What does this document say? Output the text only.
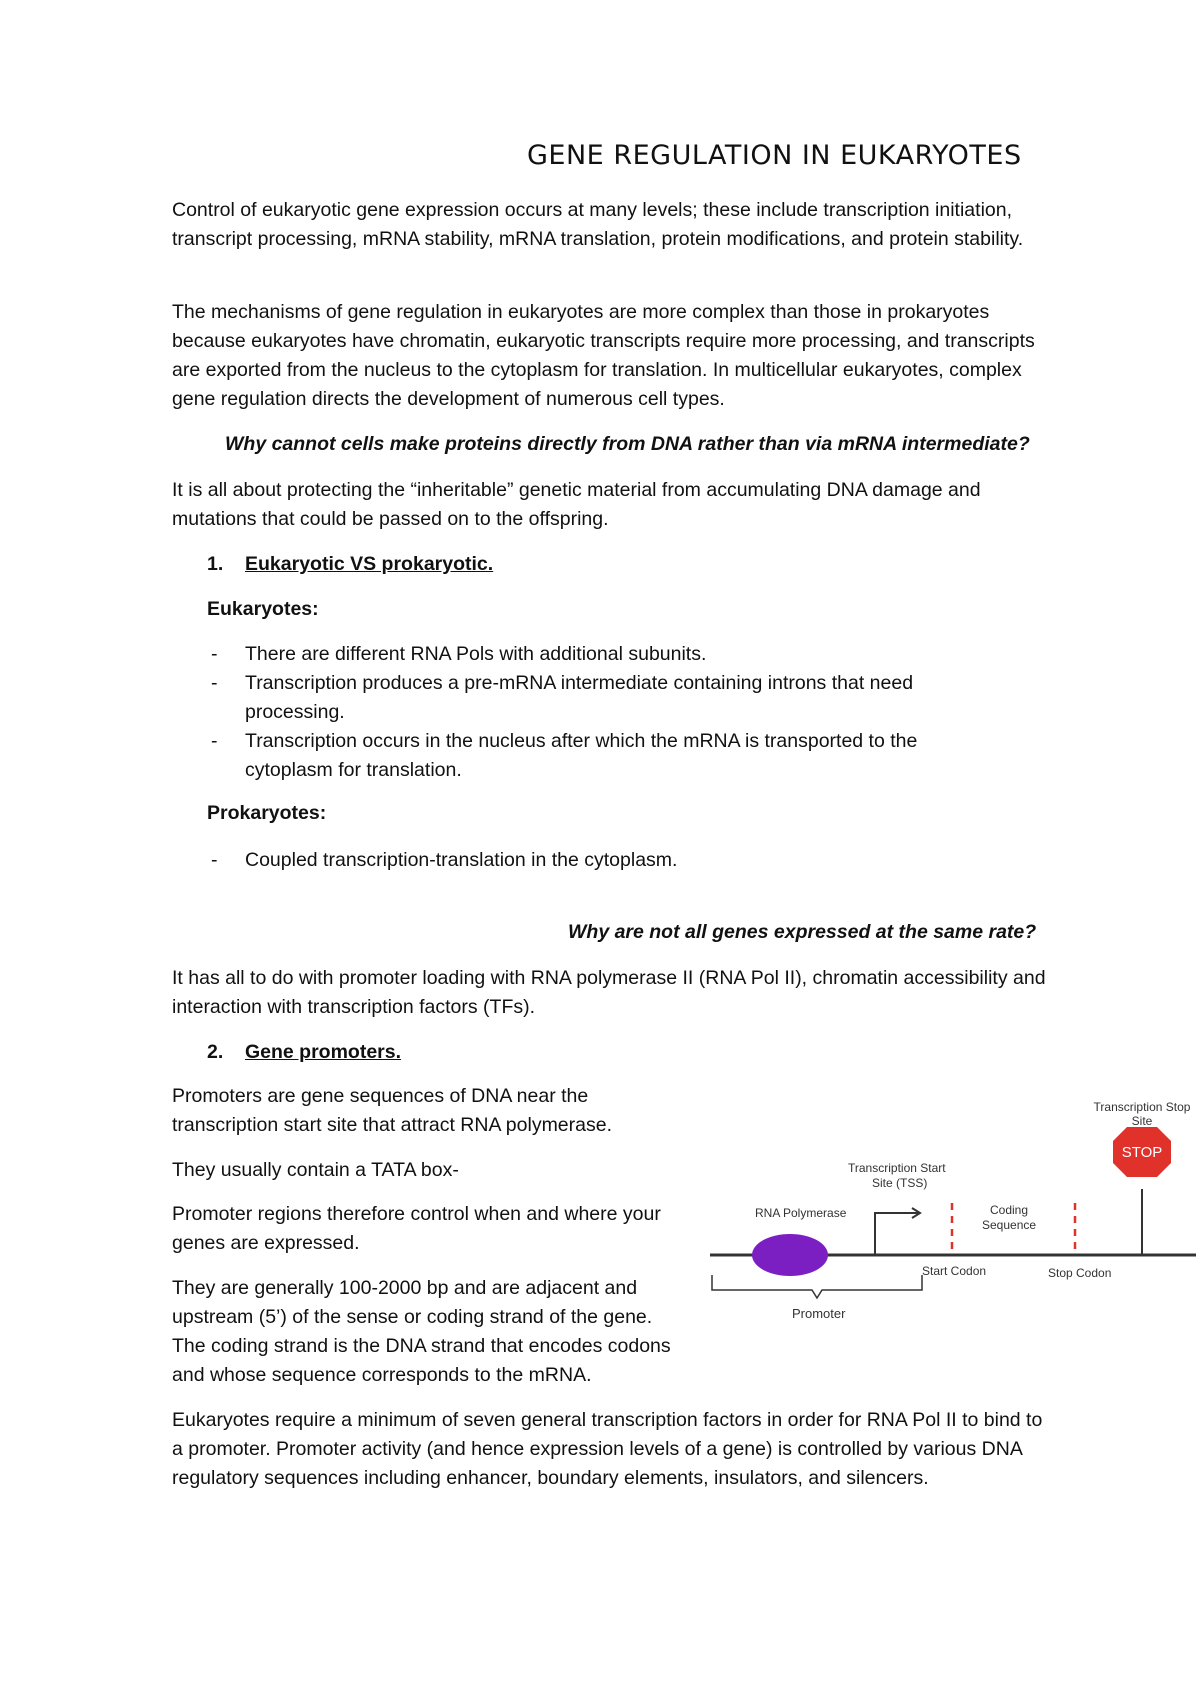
GENE REGULATION IN EUKARYOTES
Control of eukaryotic gene expression occurs at many levels; these include transcription initiation, transcript processing, mRNA stability, mRNA translation, protein modifications, and protein stability.
The mechanisms of gene regulation in eukaryotes are more complex than those in prokaryotes because eukaryotes have chromatin, eukaryotic transcripts require more processing, and transcripts are exported from the nucleus to the cytoplasm for translation. In multicellular eukaryotes, complex gene regulation directs the development of numerous cell types.
Why cannot cells make proteins directly from DNA rather than via mRNA intermediate?
It is all about protecting the “inheritable” genetic material from accumulating DNA damage and mutations that could be passed on to the offspring.
1. Eukaryotic VS prokaryotic.
Eukaryotes:
- There are different RNA Pols with additional subunits.
- Transcription produces a pre-mRNA intermediate containing introns that need processing.
- Transcription occurs in the nucleus after which the mRNA is transported to the cytoplasm for translation.
Prokaryotes:
- Coupled transcription-translation in the cytoplasm.
Why are not all genes expressed at the same rate?
It has all to do with promoter loading with RNA polymerase II (RNA Pol II), chromatin accessibility and interaction with transcription factors (TFs).
2. Gene promoters.
Promoters are gene sequences of DNA near the transcription start site that attract RNA polymerase.
They usually contain a TATA box-
Promoter regions therefore control when and where your genes are expressed.
They are generally 100-2000 bp and are adjacent and upstream (5’) of the sense or coding strand of the gene. The coding strand is the DNA strand that encodes codons and whose sequence corresponds to the mRNA.
Eukaryotes require a minimum of seven general transcription factors in order for RNA Pol II to bind to a promoter. Promoter activity (and hence expression levels of a gene) is controlled by various DNA regulatory sequences including enhancer, boundary elements, insulators, and silencers.
RNA Polymerase
Transcription Start
Site (TSS)
Start Codon
Coding
Sequence
Stop Codon
STOP
Transcription Stop
Site
Promoter
